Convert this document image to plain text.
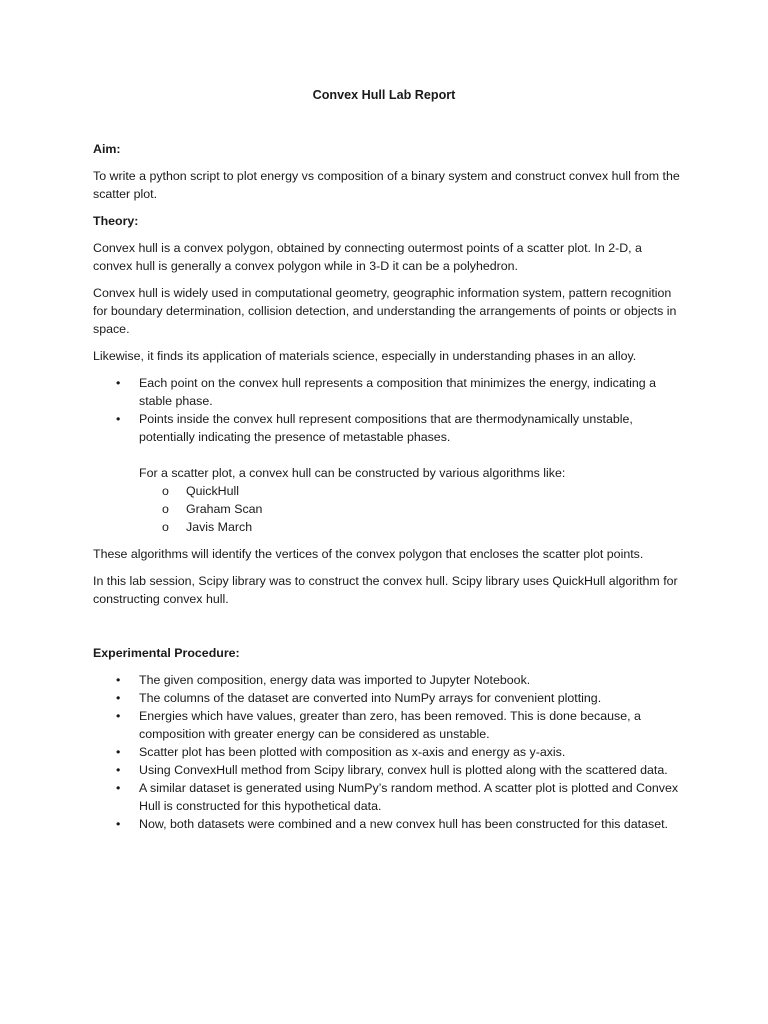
Convex Hull Lab Report

Aim:

To write a python script to plot energy vs composition of a binary system and construct convex hull from the scatter plot.

Theory:

Convex hull is a convex polygon, obtained by connecting outermost points of a scatter plot. In 2-D, a convex hull is generally a convex polygon while in 3-D it can be a polyhedron.

Convex hull is widely used in computational geometry, geographic information system, pattern recognition for boundary determination, collision detection, and understanding the arrangements of points or objects in space.

Likewise, it finds its application of materials science, especially in understanding phases in an alloy.

• Each point on the convex hull represents a composition that minimizes the energy, indicating a stable phase.
• Points inside the convex hull represent compositions that are thermodynamically unstable, potentially indicating the presence of metastable phases.

For a scatter plot, a convex hull can be constructed by various algorithms like:

o QuickHull
o Graham Scan
o Javis March

These algorithms will identify the vertices of the convex polygon that encloses the scatter plot points.

In this lab session, Scipy library was to construct the convex hull. Scipy library uses QuickHull algorithm for constructing convex hull.

Experimental Procedure:

• The given composition, energy data was imported to Jupyter Notebook.
• The columns of the dataset are converted into NumPy arrays for convenient plotting.
• Energies which have values, greater than zero, has been removed. This is done because, a composition with greater energy can be considered as unstable.
• Scatter plot has been plotted with composition as x-axis and energy as y-axis.
• Using ConvexHull method from Scipy library, convex hull is plotted along with the scattered data.
• A similar dataset is generated using NumPy’s random method. A scatter plot is plotted and Convex Hull is constructed for this hypothetical data.
• Now, both datasets were combined and a new convex hull has been constructed for this dataset.
